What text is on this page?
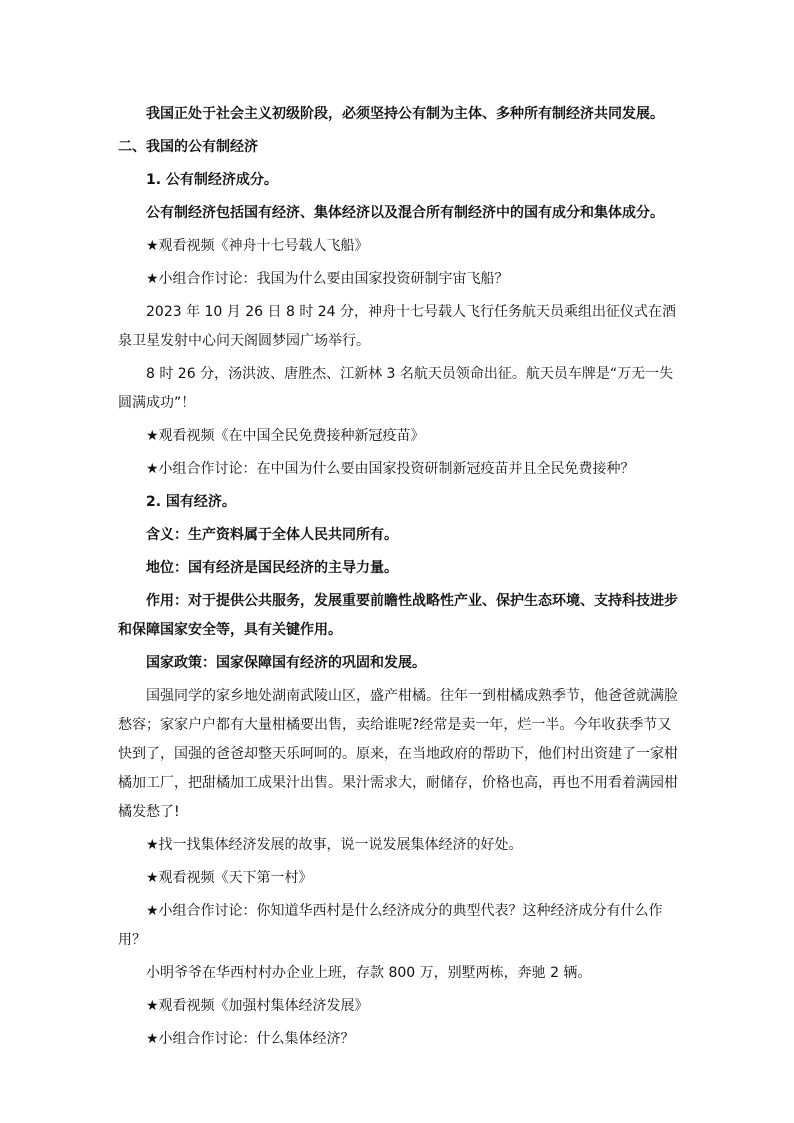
我国正处于社会主义初级阶段，必须坚持公有制为主体、多种所有制经济共同发展。

二、我国的公有制经济

1. 公有制经济成分。

公有制经济包括国有经济、集体经济以及混合所有制经济中的国有成分和集体成分。

★观看视频《神舟十七号载人飞船》

★小组合作讨论：我国为什么要由国家投资研制宇宙飞船？

2023 年 10 月 26 日 8 时 24 分，神舟十七号载人飞行任务航天员乘组出征仪式在酒泉卫星发射中心问天阁圆梦园广场举行。

8 时 26 分，汤洪波、唐胜杰、江新林 3 名航天员领命出征。航天员车牌是“万无一失圆满成功”！

★观看视频《在中国全民免费接种新冠疫苗》

★小组合作讨论：在中国为什么要由国家投资研制新冠疫苗并且全民免费接种？

2. 国有经济。

含义：生产资料属于全体人民共同所有。

地位：国有经济是国民经济的主导力量。

作用：对于提供公共服务，发展重要前瞻性战略性产业、保护生态环境、支持科技进步和保障国家安全等，具有关键作用。

国家政策：国家保障国有经济的巩固和发展。

国强同学的家乡地处湖南武陵山区，盛产柑橘。往年一到柑橘成熟季节，他爸爸就满脸愁容；家家户户都有大量柑橘要出售，卖给谁呢?经常是卖一年，烂一半。今年收获季节又快到了，国强的爸爸却整天乐呵呵的。原来，在当地政府的帮助下，他们村出资建了一家柑橘加工厂，把甜橘加工成果汁出售。果汁需求大，耐储存，价格也高，再也不用看着满园柑橘发愁了!

★找一找集体经济发展的故事，说一说发展集体经济的好处。

★观看视频《天下第一村》

★小组合作讨论：你知道华西村是什么经济成分的典型代表？这种经济成分有什么作用？

小明爷爷在华西村村办企业上班，存款 800 万，别墅两栋，奔驰 2 辆。

★观看视频《加强村集体经济发展》

★小组合作讨论：什么集体经济？
